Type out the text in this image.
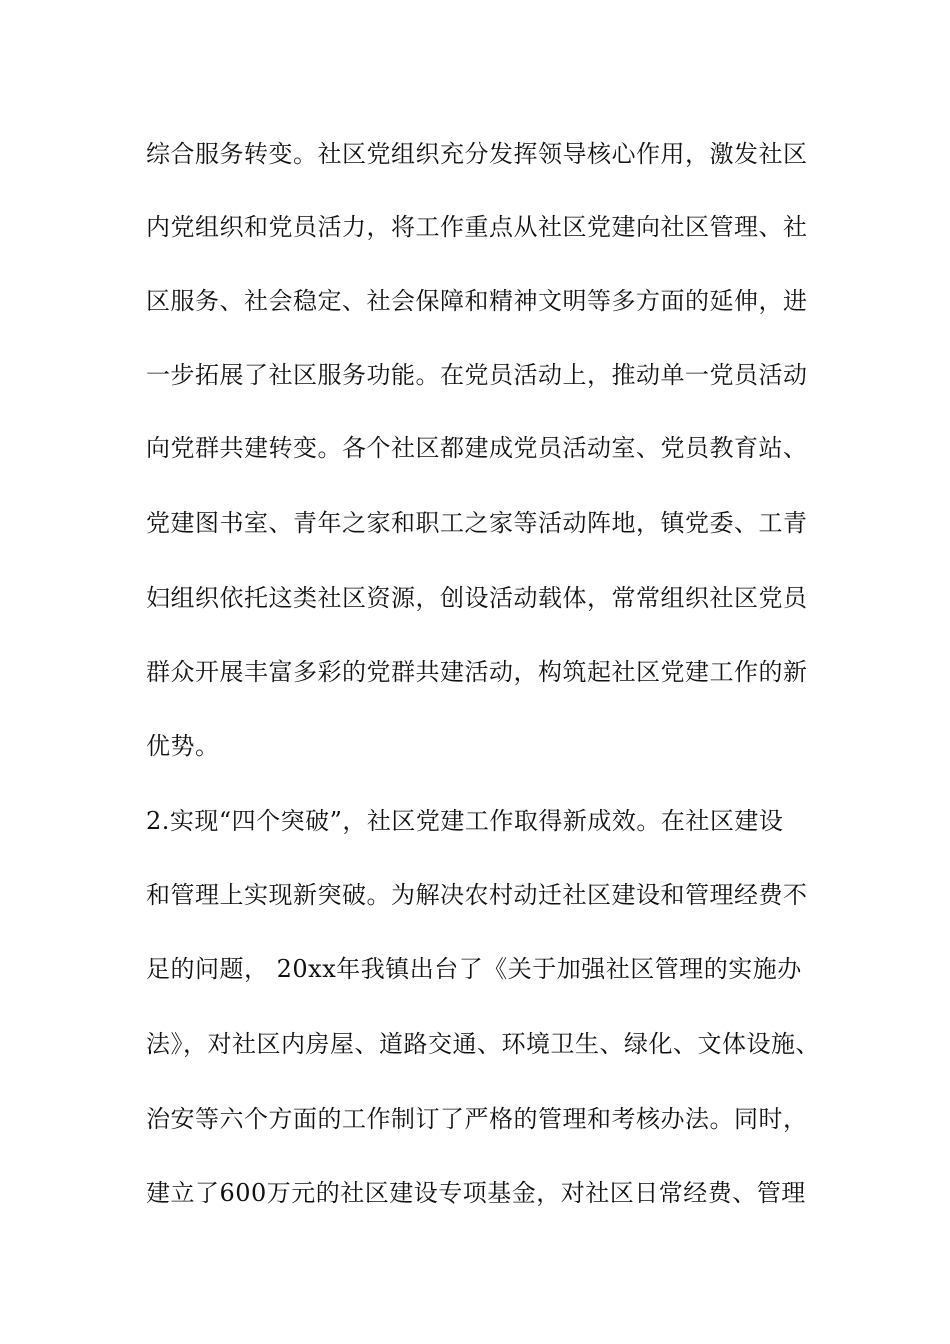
综合服务转变。社区党组织充分发挥领导核心作用，激发社区
内党组织和党员活力，将工作重点从社区党建向社区管理、社
区服务、社会稳定、社会保障和精神文明等多方面的延伸，进
一步拓展了社区服务功能。在党员活动上，推动单一党员活动
向党群共建转变。各个社区都建成党员活动室、党员教育站、
党建图书室、青年之家和职工之家等活动阵地，镇党委、工青
妇组织依托这类社区资源，创设活动载体，常常组织社区党员
群众开展丰富多彩的党群共建活动，构筑起社区党建工作的新
优势。
2.实现“四个突破”，社区党建工作取得新成效。在社区建设
和管理上实现新突破。为解决农村动迁社区建设和管理经费不
足的问题， 20xx年我镇出台了《关于加强社区管理的实施办
法》，对社区内房屋、道路交通、环境卫生、绿化、文体设施、
治安等六个方面的工作制订了严格的管理和考核办法。同时，
建立了600万元的社区建设专项基金，对社区日常经费、管理
